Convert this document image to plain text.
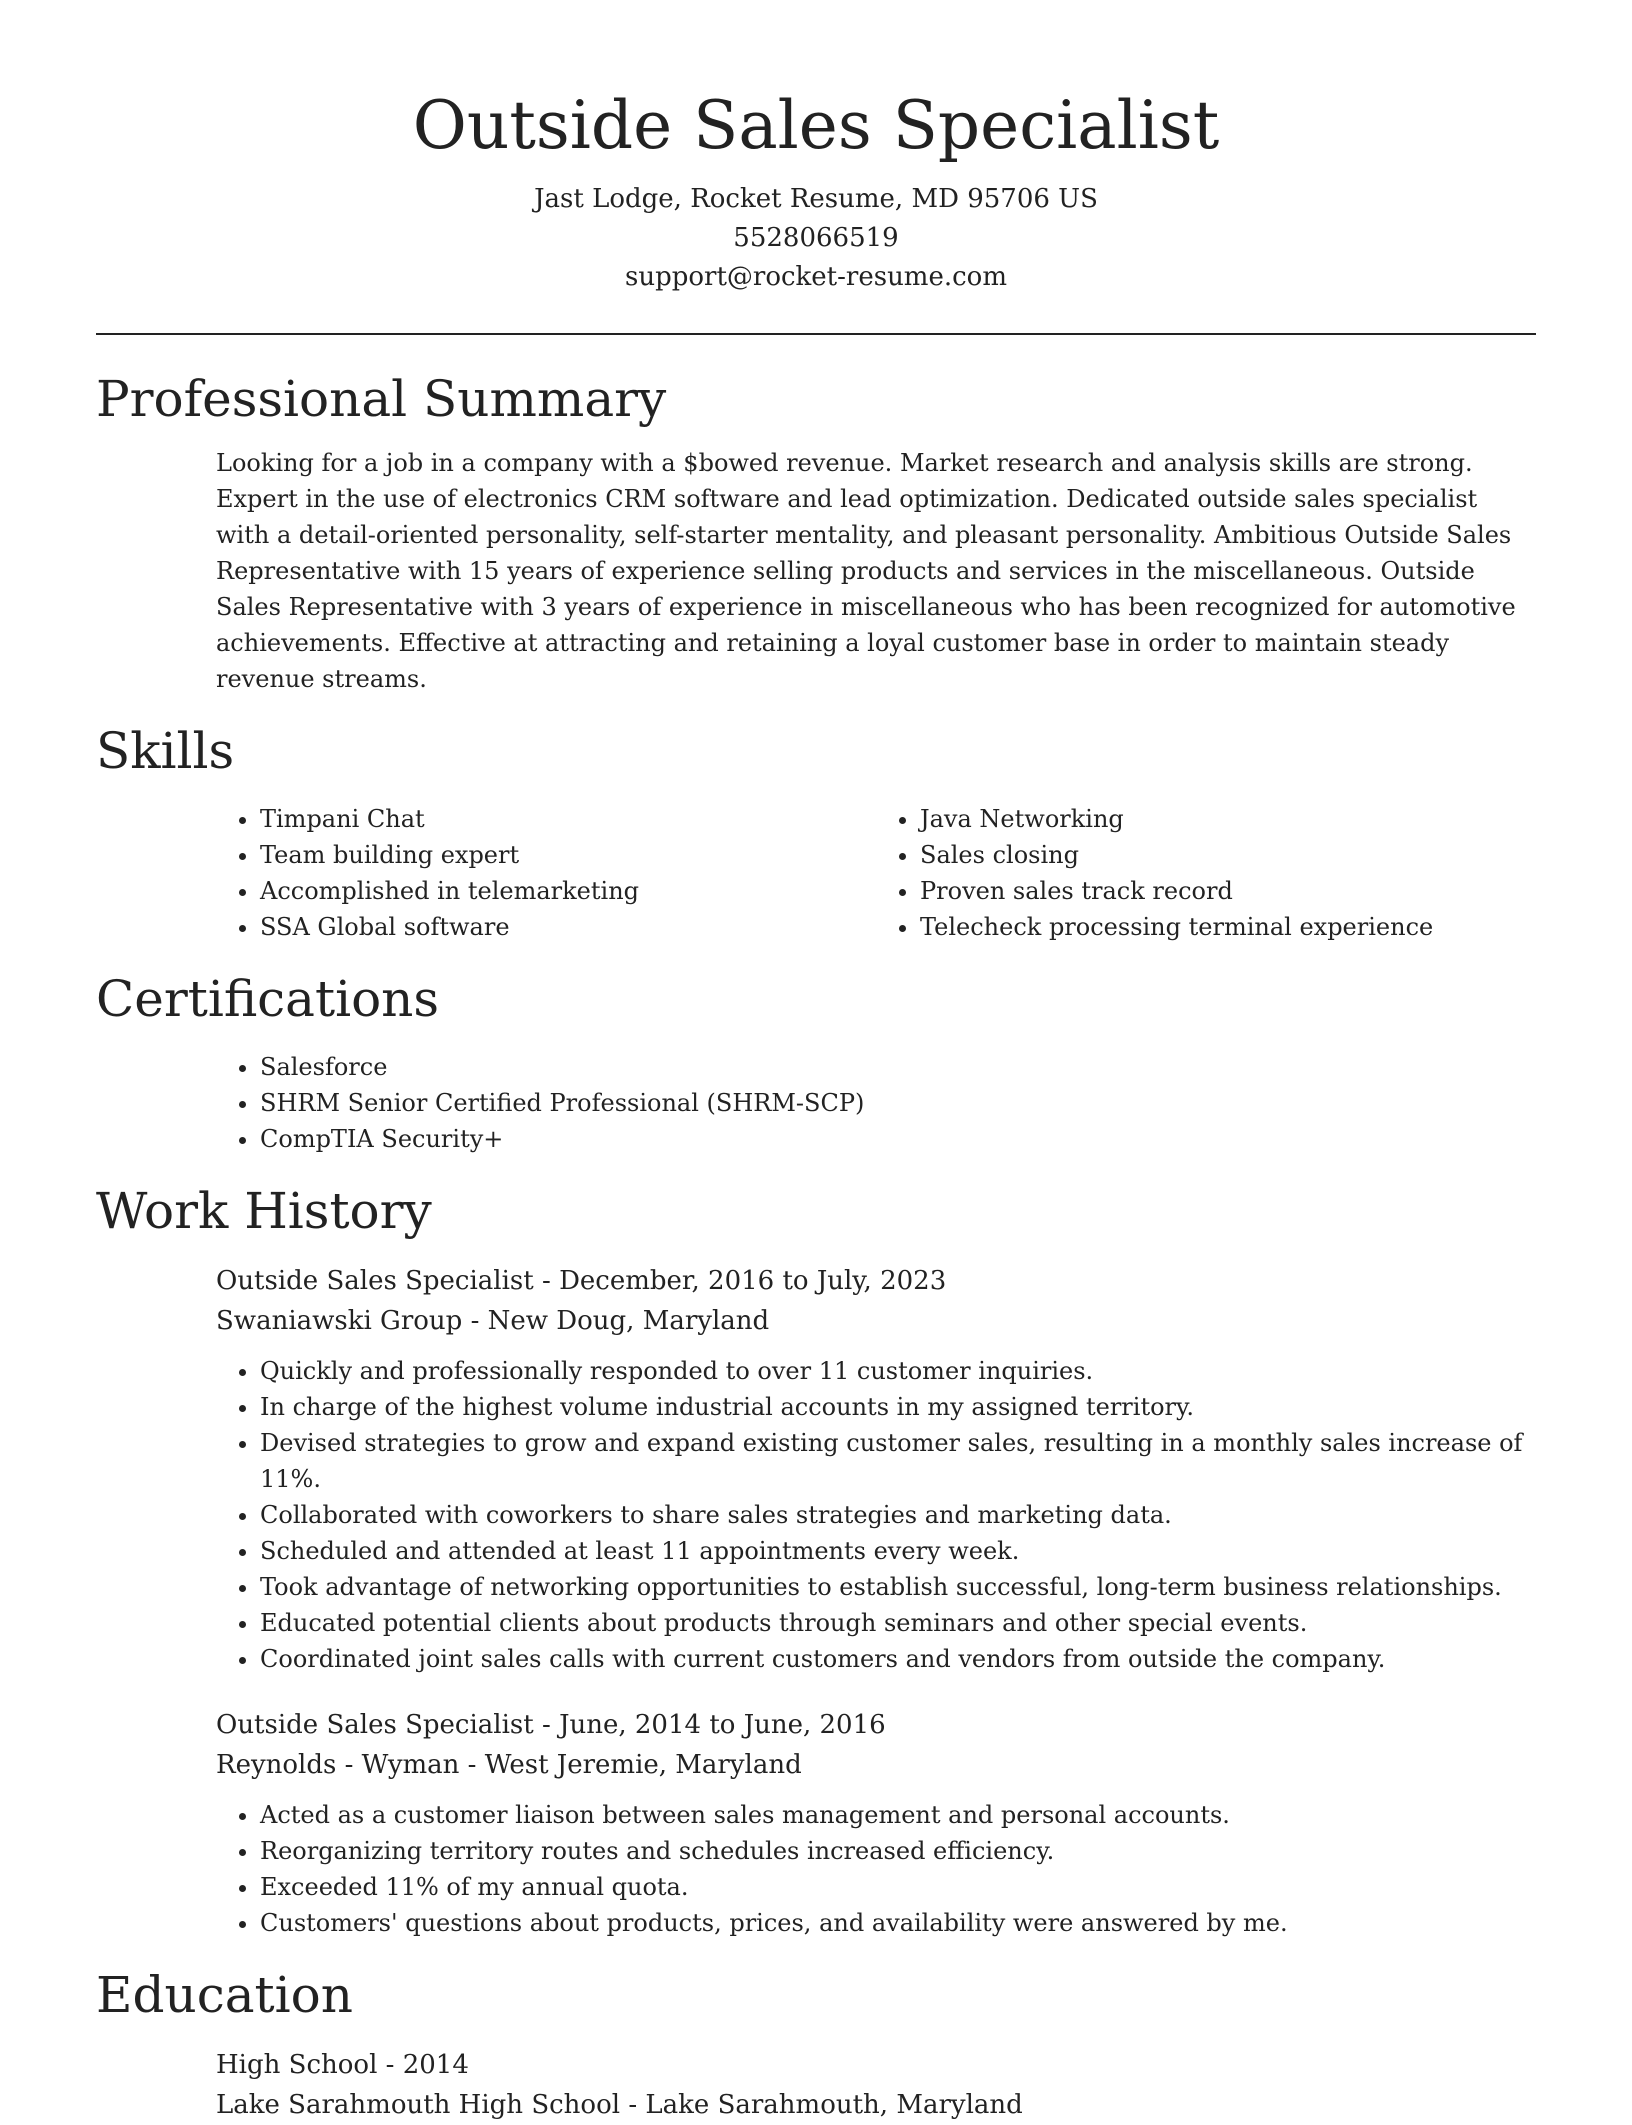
Outside Sales Specialist

Jast Lodge, Rocket Resume, MD 95706 US

5528066519

support@rocket-resume.com

Professional Summary

Looking for a job in a company with a $bowed revenue. Market research and analysis skills are strong. Expert in the use of electronics CRM software and lead optimization. Dedicated outside sales specialist with a detail-oriented personality, self-starter mentality, and pleasant personality. Ambitious Outside Sales Representative with 15 years of experience selling products and services in the miscellaneous. Outside Sales Representative with 3 years of experience in miscellaneous who has been recognized for automotive achievements. Effective at attracting and retaining a loyal customer base in order to maintain steady revenue streams.

Skills
• Timpani Chat
• Team building expert
• Accomplished in telemarketing
• SSA Global software
• Java Networking
• Sales closing
• Proven sales track record
• Telecheck processing terminal experience
Certifications
• Salesforce
• SHRM Senior Certified Professional (SHRM-SCP)
• CompTIA Security+
Work History

Outside Sales Specialist - December, 2016 to July, 2023

Swaniawski Group - New Doug, Maryland

• Quickly and professionally responded to over 11 customer inquiries.
• In charge of the highest volume industrial accounts in my assigned territory.
• Devised strategies to grow and expand existing customer sales, resulting in a monthly sales increase of 11%.
• Collaborated with coworkers to share sales strategies and marketing data.
• Scheduled and attended at least 11 appointments every week.
• Took advantage of networking opportunities to establish successful, long-term business relationships.
• Educated potential clients about products through seminars and other special events.
• Coordinated joint sales calls with current customers and vendors from outside the company.

Outside Sales Specialist - June, 2014 to June, 2016

Reynolds - Wyman - West Jeremie, Maryland

• Acted as a customer liaison between sales management and personal accounts.
• Reorganizing territory routes and schedules increased efficiency.
• Exceeded 11% of my annual quota.
• Customers' questions about products, prices, and availability were answered by me.
Education

High School - 2014

Lake Sarahmouth High School - Lake Sarahmouth, Maryland
